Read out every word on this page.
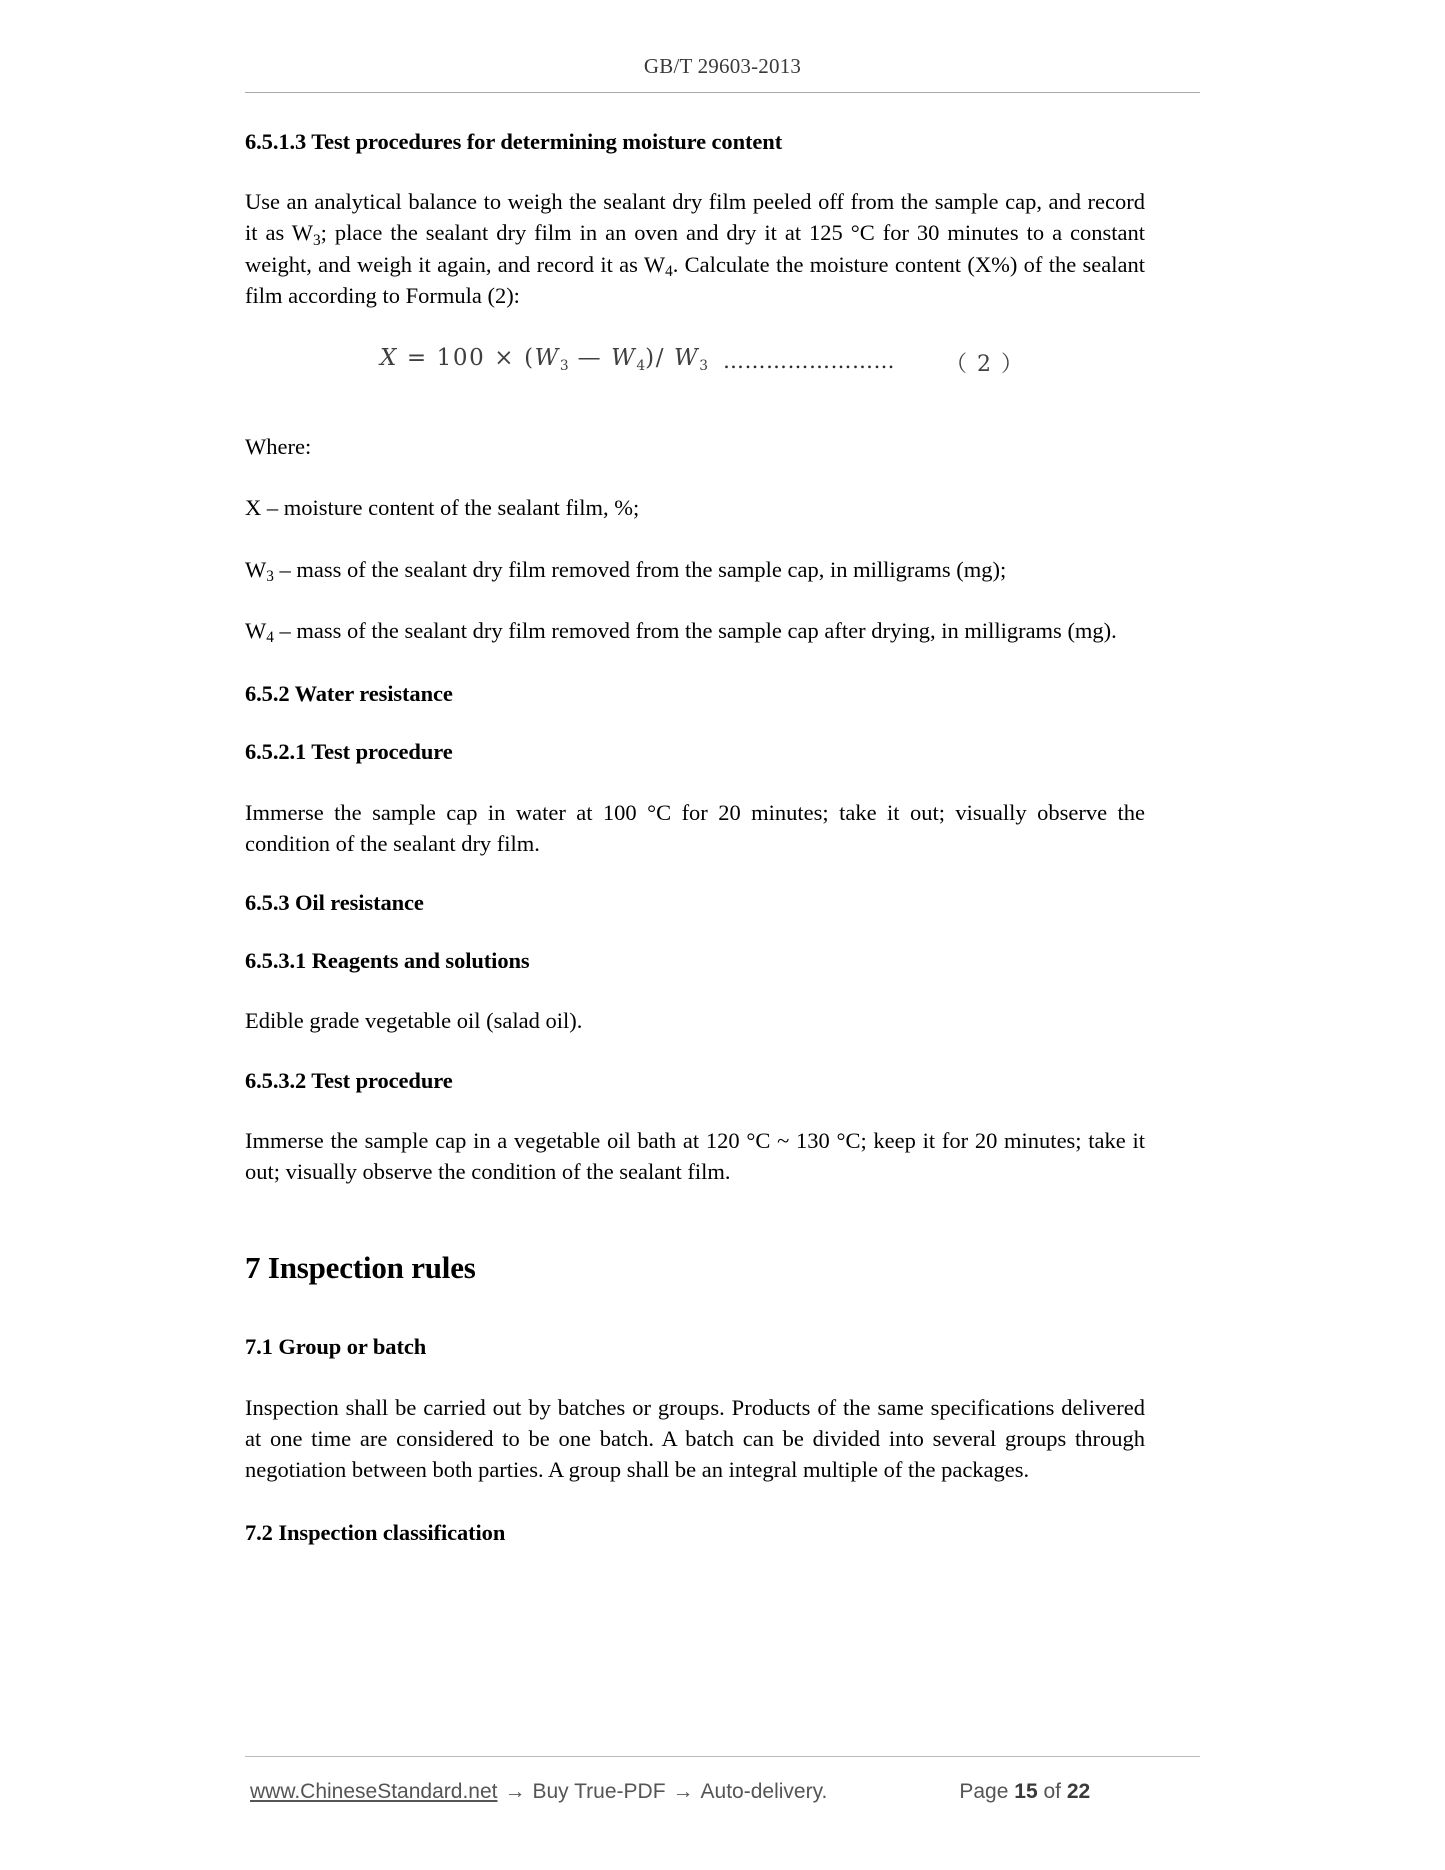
GB/T 29603-2013
6.5.1.3 Test procedures for determining moisture content

Use an analytical balance to weigh the sealant dry film peeled off from the sample cap, and record it as $W_3$; place the sealant dry film in an oven and dry it at 125 °C for 30 minutes to a constant weight, and weigh it again, and record it as $W_4$. Calculate the moisture content (X%) of the sealant film according to Formula (2):

$X = 100 \times (W_3$ — $W_4)/$ $W_3$ …………………… （ 2 ）

Where:

X – moisture content of the sealant film, %;

$W_3$ – mass of the sealant dry film removed from the sample cap, in milligrams (mg);

$W_4$ – mass of the sealant dry film removed from the sample cap after drying, in milligrams (mg).

6.5.2 Water resistance
6.5.2.1 Test procedure

Immerse the sample cap in water at 100 °C for 20 minutes; take it out; visually observe the condition of the sealant dry film.

6.5.3 Oil resistance
6.5.3.1 Reagents and solutions

Edible grade vegetable oil (salad oil).

6.5.3.2 Test procedure

Immerse the sample cap in a vegetable oil bath at 120 °C ~ 130 °C; keep it for 20 minutes; take it out; visually observe the condition of the sealant film.

7 Inspection rules
7.1 Group or batch

Inspection shall be carried out by batches or groups. Products of the same specifications delivered at one time are considered to be one batch. A batch can be divided into several groups through negotiation between both parties. A group shall be an integral multiple of the packages.

7.2 Inspection classification
www.ChineseStandard.net → Buy True-PDF → Auto-delivery.	Page 15 of 22
